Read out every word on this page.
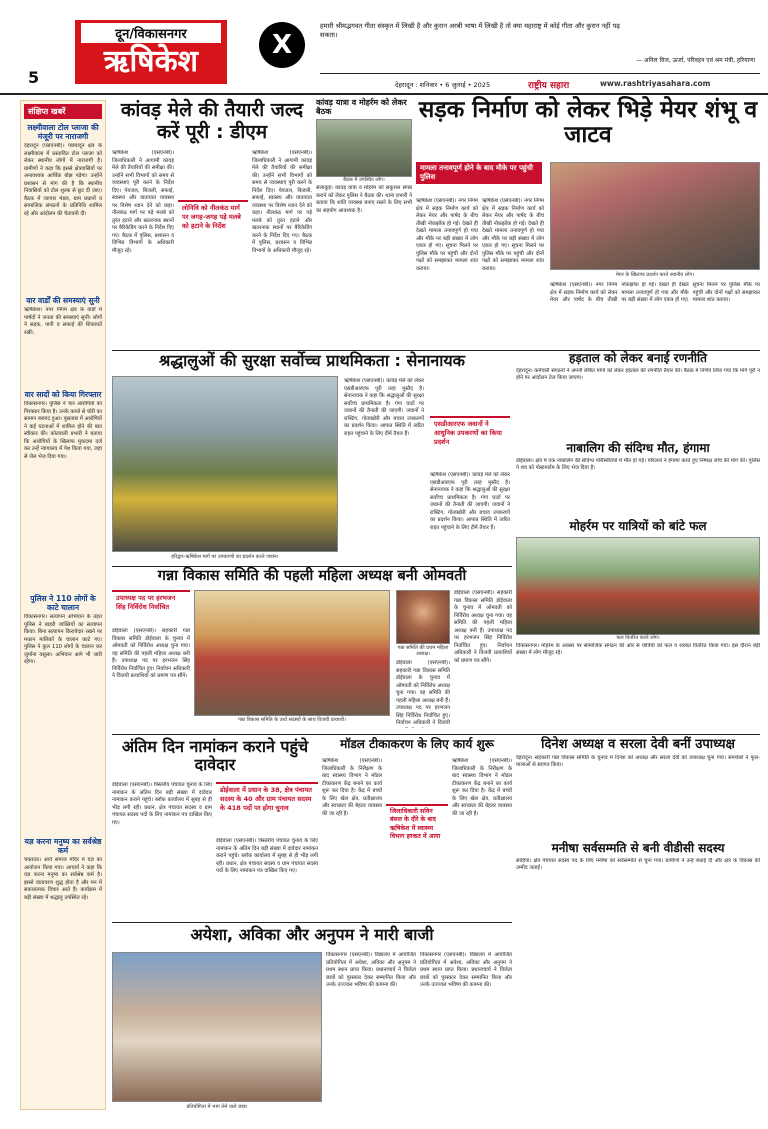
5
दून/विकासनगर
ऋषिकेश	X
हमारी श्रीमद्भगवत गीता संस्कृत में लिखी है और कुरान अरबी भाषा में लिखी है तो क्या महाराष्ट्र में कोई गीता और कुरान नहीं पढ़ सकता।
— अनिल विज, ऊर्जा, परिवहन एवं श्रम मंत्री, हरियाणा
देहरादून : शनिवार • 6 जुलाई • 2025	राष्ट्रीय सहारा	www.rashtriyasahara.com
संक्षिप्त खबरें
लक्ष्मीवाला टोल प्लाजा की मंजूरी पर नाराजगी
देहरादून (एसएनबी)। पछवादून क्षेत्र के लक्ष्मीवाला में प्रस्तावित टोल प्लाजा को लेकर स्थानीय लोगों में नाराजगी है। ग्रामीणों ने कहा कि इससे क्षेत्रवासियों पर अनावश्यक आर्थिक बोझ पड़ेगा। उन्होंने प्रशासन से मांग की है कि स्थानीय निवासियों को टोल शुल्क से छूट दी जाए। बैठक में व्यापार मंडल, ग्राम प्रधानों व सामाजिक संगठनों के प्रतिनिधि शामिल रहे और आंदोलन की चेतावनी दी।
वार वार्डों की समस्याएं सुनी
ऋषिकेश। नगर निगम क्षेत्र के वार्डों में पार्षदों ने जनता की समस्याएं सुनीं। लोगों ने सड़क, पानी व सफाई की शिकायतें रखीं।
वार सादों को किया गिरफ्तार
विकासनगर। पुलिस ने चार आरोपियों को गिरफ्तार किया है। उनके कब्जे से चोरी का सामान बरामद हुआ। पूछताछ में आरोपियों ने कई घटनाओं में शामिल होने की बात स्वीकार की। कोतवाली प्रभारी ने बताया कि आरोपियों के खिलाफ मुकदमा दर्ज कर उन्हें न्यायालय में पेश किया गया, जहां से जेल भेज दिया गया।
पुलिस ने 110 लोगों के काटे चालान
विकासनगर। सत्यापन अभियान के तहत पुलिस ने बाहरी व्यक्तियों का सत्यापन किया। बिना सत्यापन किरायेदार रखने पर मकान मालिकों के चालान काटे गए। पुलिस ने कुल 110 लोगों के चालान कर जुर्माना वसूला। अभियान आगे भी जारी रहेगा।
यज्ञ करना मनुष्य का सर्वश्रेष्ठ कर्म
चकराता। आर्य समाज मंदिर में यज्ञ का आयोजन किया गया। आचार्य ने कहा कि यज्ञ करना मनुष्य का सर्वश्रेष्ठ कर्म है। इससे वातावरण शुद्ध होता है और मन में सकारात्मक विचार आते हैं। कार्यक्रम में बड़ी संख्या में श्रद्धालु उपस्थित रहे।
कांवड़ मेले की तैयारी जल्द करें पूरी : डीएम
ऋषिकेश (एसएनबी)। जिलाधिकारी ने आगामी कांवड़ मेले की तैयारियों की समीक्षा की। उन्होंने सभी विभागों को समय से व्यवस्थाएं पूरी करने के निर्देश दिए। पेयजल, बिजली, सफाई, स्वास्थ्य और यातायात व्यवस्था पर विशेष ध्यान देने को कहा। नीलकंठ मार्ग पर पड़े मलबे को तुरंत हटाने और खतरनाक स्थानों पर बैरिकेडिंग करने के निर्देश दिए गए। बैठक में पुलिस, प्रशासन व विभिन्न विभागों के अधिकारी मौजूद रहे।
लोनिवि को नीलकंठ मार्ग पर जगह-जगह पड़े मलबे को हटाने के निर्देश
ऋषिकेश (एसएनबी)। जिलाधिकारी ने आगामी कांवड़ मेले की तैयारियों की समीक्षा की। उन्होंने सभी विभागों को समय से व्यवस्थाएं पूरी करने के निर्देश दिए। पेयजल, बिजली, सफाई, स्वास्थ्य और यातायात व्यवस्था पर विशेष ध्यान देने को कहा। नीलकंठ मार्ग पर पड़े मलबे को तुरंत हटाने और खतरनाक स्थानों पर बैरिकेडिंग करने के निर्देश दिए गए। बैठक में पुलिस, प्रशासन व विभिन्न विभागों के अधिकारी मौजूद रहे।
कांवड़ यात्रा व मोहर्रम को लेकर बैठक
बैठक में उपस्थित लोग।
सेलाकुई। कांवड़ यात्रा व मोहर्रम को सकुशल संपन्न कराने को लेकर पुलिस ने बैठक की। थाना प्रभारी ने बताया कि शांति व्यवस्था बनाए रखने के लिए सभी का सहयोग आवश्यक है।
सड़क निर्माण को लेकर भिड़े मेयर शंभू व जाटव
मामला तनावपूर्ण होने के बाद मौके पर पहुंची पुलिस
ऋषिकेश (एसएनबी)। नगर निगम क्षेत्र में सड़क निर्माण कार्य को लेकर मेयर और पार्षद के बीच तीखी नोकझोंक हो गई। देखते ही देखते मामला तनावपूर्ण हो गया और मौके पर बड़ी संख्या में लोग एकत्र हो गए। सूचना मिलने पर पुलिस मौके पर पहुंची और दोनों पक्षों को समझाकर मामला शांत कराया।
ऋषिकेश (एसएनबी)। नगर निगम क्षेत्र में सड़क निर्माण कार्य को लेकर मेयर और पार्षद के बीच तीखी नोकझोंक हो गई। देखते ही देखते मामला तनावपूर्ण हो गया और मौके पर बड़ी संख्या में लोग एकत्र हो गए। सूचना मिलने पर पुलिस मौके पर पहुंची और दोनों पक्षों को समझाकर मामला शांत कराया।
मेयर के खिलाफ प्रदर्शन करते स्थानीय लोग।
ऋषिकेश (एसएनबी)। नगर निगम क्षेत्र में सड़क निर्माण कार्य को लेकर मेयर और पार्षद के बीच तीखी नोकझोंक हो गई। देखते ही देखते मामला तनावपूर्ण हो गया और मौके पर बड़ी संख्या में लोग एकत्र हो गए। सूचना मिलने पर पुलिस मौके पर पहुंची और दोनों पक्षों को समझाकर मामला शांत कराया।
श्रद्धालुओं की सुरक्षा सर्वोच्च प्राथमिकता : सेनानायक
हरिद्वार-ऋषिकेश मार्ग पर उपकरणों का प्रदर्शन करते जवान।
ऋषिकेश (एसएनबी)। कांवड़ मेले को लेकर एसडीआरएफ पूरी तरह मुस्तैद है। सेनानायक ने कहा कि श्रद्धालुओं की सुरक्षा सर्वोच्च प्राथमिकता है। गंगा घाटों पर जवानों की तैनाती की जाएगी। जवानों ने राफ्टिंग, गोताखोरी और बचाव उपकरणों का प्रदर्शन किया। आपात स्थिति में त्वरित राहत पहुंचाने के लिए टीमें तैयार हैं।
एसडीआरएफ जवानों ने आधुनिक उपकरणों का किया प्रदर्शन
ऋषिकेश (एसएनबी)। कांवड़ मेले को लेकर एसडीआरएफ पूरी तरह मुस्तैद है। सेनानायक ने कहा कि श्रद्धालुओं की सुरक्षा सर्वोच्च प्राथमिकता है। गंगा घाटों पर जवानों की तैनाती की जाएगी। जवानों ने राफ्टिंग, गोताखोरी और बचाव उपकरणों का प्रदर्शन किया। आपात स्थिति में त्वरित राहत पहुंचाने के लिए टीमें तैयार हैं।
हड़ताल को लेकर बनाई रणनीति
देहरादून। कर्मचारी संगठनों ने अपनी लंबित मांगों को लेकर हड़ताल की रणनीति तैयार की। बैठक में निर्णय लिया गया कि मांगें पूरी न होने पर आंदोलन तेज किया जाएगा।
नाबालिग की संदिग्ध मौत, हंगामा
डोईवाला। क्षेत्र में एक नाबालिग की संदिग्ध परिस्थितियों में मौत हो गई। परिजनों ने हंगामा करते हुए निष्पक्ष जांच की मांग की। पुलिस ने शव को पोस्टमार्टम के लिए भेज दिया है।
मोहर्रम पर यात्रियों को बांटे फल
फल वितरित करते लोग।
विकासनगर। मोहर्रम के अवसर पर सामाजिक संगठन की ओर से यात्रियों को फल व शरबत वितरित किया गया। इस दौरान बड़ी संख्या में लोग मौजूद रहे।
गन्ना विकास समिति की पहली महिला अध्यक्ष बनी ओमवती
उपाध्यक्ष पद पर हरभजन सिंह निर्विरोध निर्वाचित
डोईवाला (एसएनबी)। सहकारी गन्ना विकास समिति डोईवाला के चुनाव में ओमवती को निर्विरोध अध्यक्ष चुना गया। वह समिति की पहली महिला अध्यक्ष बनी हैं। उपाध्यक्ष पद पर हरभजन सिंह निर्विरोध निर्वाचित हुए। निर्वाचन अधिकारी ने विजयी प्रत्याशियों को प्रमाण पत्र सौंपे।
गन्ना विकास समिति के उर्ध्व सदस्यों के साथ विजयी प्रत्याशी।
गन्ना समिति की प्रथम महिला अध्यक्ष।
डोईवाला (एसएनबी)। सहकारी गन्ना विकास समिति डोईवाला के चुनाव में ओमवती को निर्विरोध अध्यक्ष चुना गया। वह समिति की पहली महिला अध्यक्ष बनी हैं। उपाध्यक्ष पद पर हरभजन सिंह निर्विरोध निर्वाचित हुए। निर्वाचन अधिकारी ने विजयी प्रत्याशियों को प्रमाण पत्र सौंपे।
डोईवाला (एसएनबी)। सहकारी गन्ना विकास समिति डोईवाला के चुनाव में ओमवती को निर्विरोध अध्यक्ष चुना गया। वह समिति की पहली महिला अध्यक्ष बनी हैं। उपाध्यक्ष पद पर हरभजन सिंह निर्विरोध निर्वाचित हुए। निर्वाचन अधिकारी ने विजयी
अंतिम दिन नामांकन कराने पहुंचे दावेदार
डोईवाला (एसएनबी)। त्रिस्तरीय पंचायत चुनाव के लिए नामांकन के अंतिम दिन बड़ी संख्या में दावेदार नामांकन कराने पहुंचे। ब्लॉक कार्यालय में सुबह से ही भीड़ लगी रही। प्रधान, क्षेत्र पंचायत सदस्य व ग्राम पंचायत सदस्य पदों के लिए नामांकन पत्र दाखिल किए गए।
डोईवाला में प्रधान के 38, क्षेत्र पंचायत सदस्य के 40 और ग्राम पंचायत सदस्य के 418 पदों पर होगा चुनाव
डोईवाला (एसएनबी)। त्रिस्तरीय पंचायत चुनाव के लिए नामांकन के अंतिम दिन बड़ी संख्या में दावेदार नामांकन कराने पहुंचे। ब्लॉक कार्यालय में सुबह से ही भीड़ लगी रही। प्रधान, क्षेत्र पंचायत सदस्य व ग्राम पंचायत सदस्य पदों के लिए नामांकन पत्र दाखिल किए गए।
मॉडल टीकाकरण के लिए कार्य शुरू
ऋषिकेश (एसएनबी)। जिलाधिकारी के निरीक्षण के बाद स्वास्थ्य विभाग ने मॉडल टीकाकरण केंद्र बनाने का कार्य शुरू कर दिया है। केंद्र में बच्चों के लिए खेल क्षेत्र, प्रतीक्षालय और स्वच्छता की बेहतर व्यवस्था की जा रही है।	जिलाधिकारी सविन बंसल के दौरे के बाद ऋषिकेश में स्वास्थ्य विभाग हरकत में आया
ऋषिकेश (एसएनबी)। जिलाधिकारी के निरीक्षण के बाद स्वास्थ्य विभाग ने मॉडल टीकाकरण केंद्र बनाने का कार्य शुरू कर दिया है। केंद्र में बच्चों के लिए खेल क्षेत्र, प्रतीक्षालय और स्वच्छता की बेहतर व्यवस्था की जा रही है।
दिनेश अध्यक्ष व सरला देवी बनीं उपाध्यक्ष
देहरादून। सहकारी गन्ना विकास समिति के चुनाव में दिनेश को अध्यक्ष और सरला देवी को उपाध्यक्ष चुना गया। समर्थकों ने फूल-मालाओं से स्वागत किया।
मनीषा सर्वसम्मति से बनी वीडीसी सदस्य
साहिया। क्षेत्र पंचायत सदस्य पद के लिए मनीषा को सर्वसम्मति से चुना गया। ग्रामीणों ने उन्हें बधाई दी और क्षेत्र के विकास की उम्मीद जताई।
अयेशा, अविका और अनुपम ने मारी बाजी
प्रतियोगिता में भाग लेने वाले छात्र।
विकासनगर (एसएनबी)। विद्यालय में आयोजित प्रतियोगिता में अयेशा, अविका और अनुपम ने प्रथम स्थान प्राप्त किया। प्रधानाचार्य ने विजेता छात्रों को पुरस्कार देकर सम्मानित किया और उनके उज्ज्वल भविष्य की कामना की।
विकासनगर (एसएनबी)। विद्यालय में आयोजित प्रतियोगिता में अयेशा, अविका और अनुपम ने प्रथम स्थान प्राप्त किया। प्रधानाचार्य ने विजेता छात्रों को पुरस्कार देकर सम्मानित किया और उनके उज्ज्वल भविष्य की कामना की।
